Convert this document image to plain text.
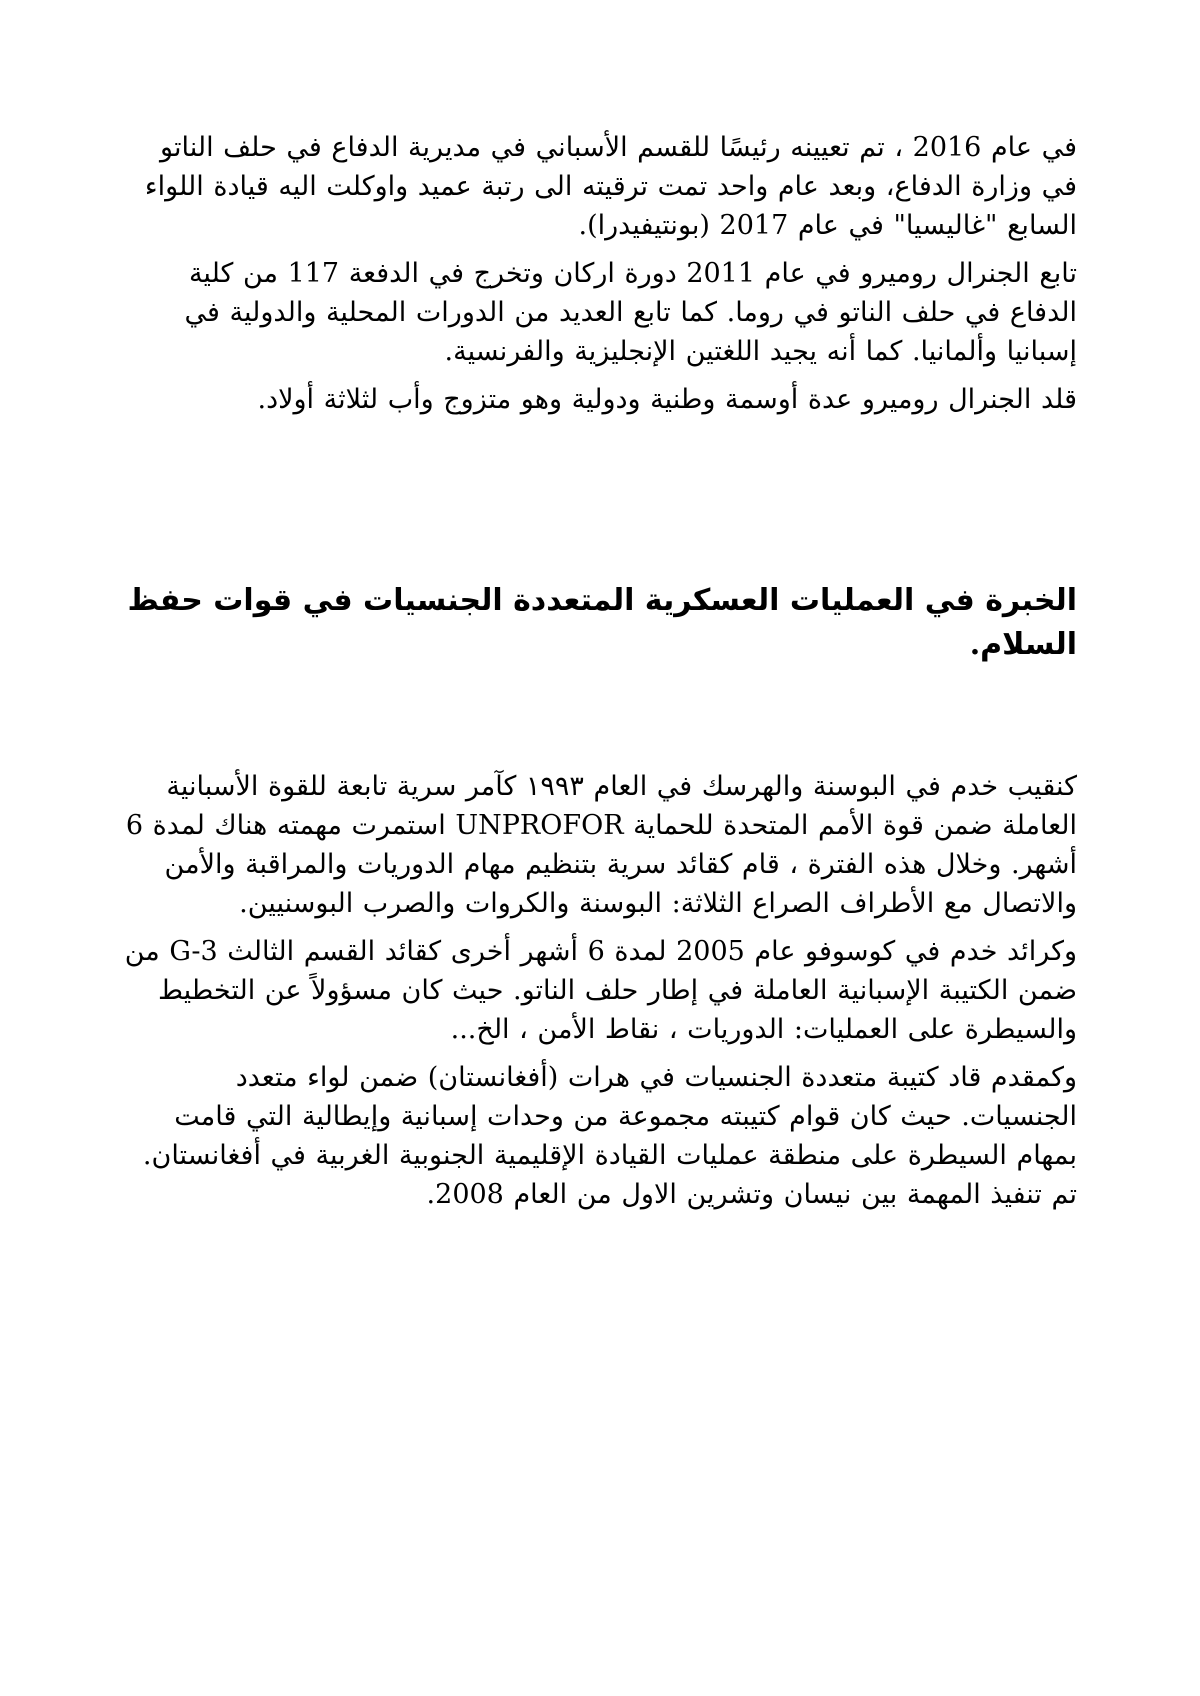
في عام 2016 ، تم تعيينه رئيسًا للقسم الأسباني في مديرية الدفاع في حلف الناتو في وزارة الدفاع، وبعد عام واحد تمت ترقيته الى رتبة عميد واوكلت اليه قيادة اللواء السابع "غاليسيا" في عام 2017 (بونتيفيدرا).

تابع الجنرال روميرو في عام 2011 دورة اركان وتخرج في الدفعة 117 من كلية الدفاع في حلف الناتو في روما. كما تابع العديد من الدورات المحلية والدولية في إسبانيا وألمانيا. كما أنه يجيد اللغتين الإنجليزية والفرنسية.

قلد الجنرال روميرو عدة أوسمة وطنية ودولية وهو متزوج وأب لثلاثة أولاد.

الخبرة في العمليات العسكرية المتعددة الجنسيات في قوات حفظ السلام.

كنقيب خدم في البوسنة والهرسك في العام ١٩٩٣ كآمر سرية تابعة للقوة الأسبانية العاملة ضمن قوة الأمم المتحدة للحماية UNPROFOR استمرت مهمته هناك لمدة 6 أشهر. وخلال هذه الفترة ، قام كقائد سرية بتنظيم مهام الدوريات والمراقبة والأمن والاتصال مع الأطراف الصراع الثلاثة: البوسنة والكروات والصرب البوسنيين.

وكرائد خدم في كوسوفو عام 2005 لمدة 6 أشهر أخرى كقائد القسم الثالث G-3 من ضمن الكتيبة الإسبانية العاملة في إطار حلف الناتو. حيث كان مسؤولاً عن التخطيط والسيطرة على العمليات: الدوريات ، نقاط الأمن ، الخ...

وكمقدم قاد كتيبة متعددة الجنسيات في هرات (أفغانستان) ضمن لواء متعدد الجنسيات. حيث كان قوام كتيبته مجموعة من وحدات إسبانية وإيطالية التي قامت بمهام السيطرة على منطقة عمليات القيادة الإقليمية الجنوبية الغربية في أفغانستان. تم تنفيذ المهمة بين نيسان وتشرين الاول من العام 2008.
